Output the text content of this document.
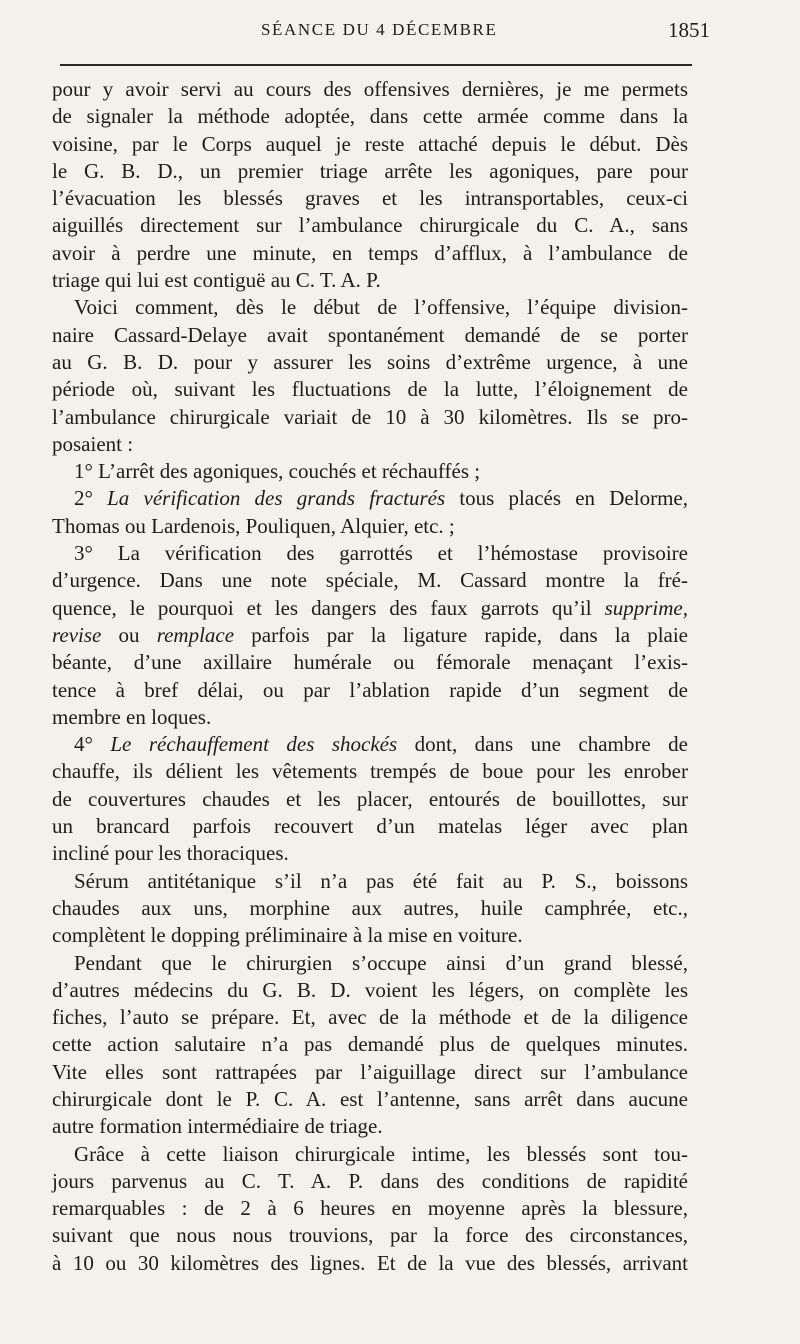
SÉANCE DU 4 DÉCEMBRE	1851
pour y avoir servi au cours des offensives dernières, je me permets
de signaler la méthode adoptée, dans cette armée comme dans la
voisine, par le Corps auquel je reste attaché depuis le début. Dès
le G. B. D., un premier triage arrête les agoniques, pare pour
l’évacuation les blessés graves et les intransportables, ceux-ci
aiguillés directement sur l’ambulance chirurgicale du C. A., sans
avoir à perdre une minute, en temps d’afflux, à l’ambulance de
triage qui lui est contiguë au C. T. A. P.
Voici comment, dès le début de l’offensive, l’équipe division-
naire Cassard-Delaye avait spontanément demandé de se porter
au G. B. D. pour y assurer les soins d’extrême urgence, à une
période où, suivant les fluctuations de la lutte, l’éloignement de
l’ambulance chirurgicale variait de 10 à 30 kilomètres. Ils se pro-
posaient :
1° L’arrêt des agoniques, couchés et réchauffés ;
2° La vérification des grands fracturés tous placés en Delorme,
Thomas ou Lardenois, Pouliquen, Alquier, etc. ;
3° La vérification des garrottés et l’hémostase provisoire
d’urgence. Dans une note spéciale, M. Cassard montre la fré-
quence, le pourquoi et les dangers des faux garrots qu’il supprime,
revise ou remplace parfois par la ligature rapide, dans la plaie
béante, d’une axillaire humérale ou fémorale menaçant l’exis-
tence à bref délai, ou par l’ablation rapide d’un segment de
membre en loques.
4° Le réchauffement des shockés dont, dans une chambre de
chauffe, ils délient les vêtements trempés de boue pour les enrober
de couvertures chaudes et les placer, entourés de bouillottes, sur
un brancard parfois recouvert d’un matelas léger avec plan
incliné pour les thoraciques.
Sérum antitétanique s’il n’a pas été fait au P. S., boissons
chaudes aux uns, morphine aux autres, huile camphrée, etc.,
complètent le dopping préliminaire à la mise en voiture.
Pendant que le chirurgien s’occupe ainsi d’un grand blessé,
d’autres médecins du G. B. D. voient les légers, on complète les
fiches, l’auto se prépare. Et, avec de la méthode et de la diligence
cette action salutaire n’a pas demandé plus de quelques minutes.
Vite elles sont rattrapées par l’aiguillage direct sur l’ambulance
chirurgicale dont le P. C. A. est l’antenne, sans arrêt dans aucune
autre formation intermédiaire de triage.
Grâce à cette liaison chirurgicale intime, les blessés sont tou-
jours parvenus au C. T. A. P. dans des conditions de rapidité
remarquables : de 2 à 6 heures en moyenne après la blessure,
suivant que nous nous trouvions, par la force des circonstances,
à 10 ou 30 kilomètres des lignes. Et de la vue des blessés, arrivant
